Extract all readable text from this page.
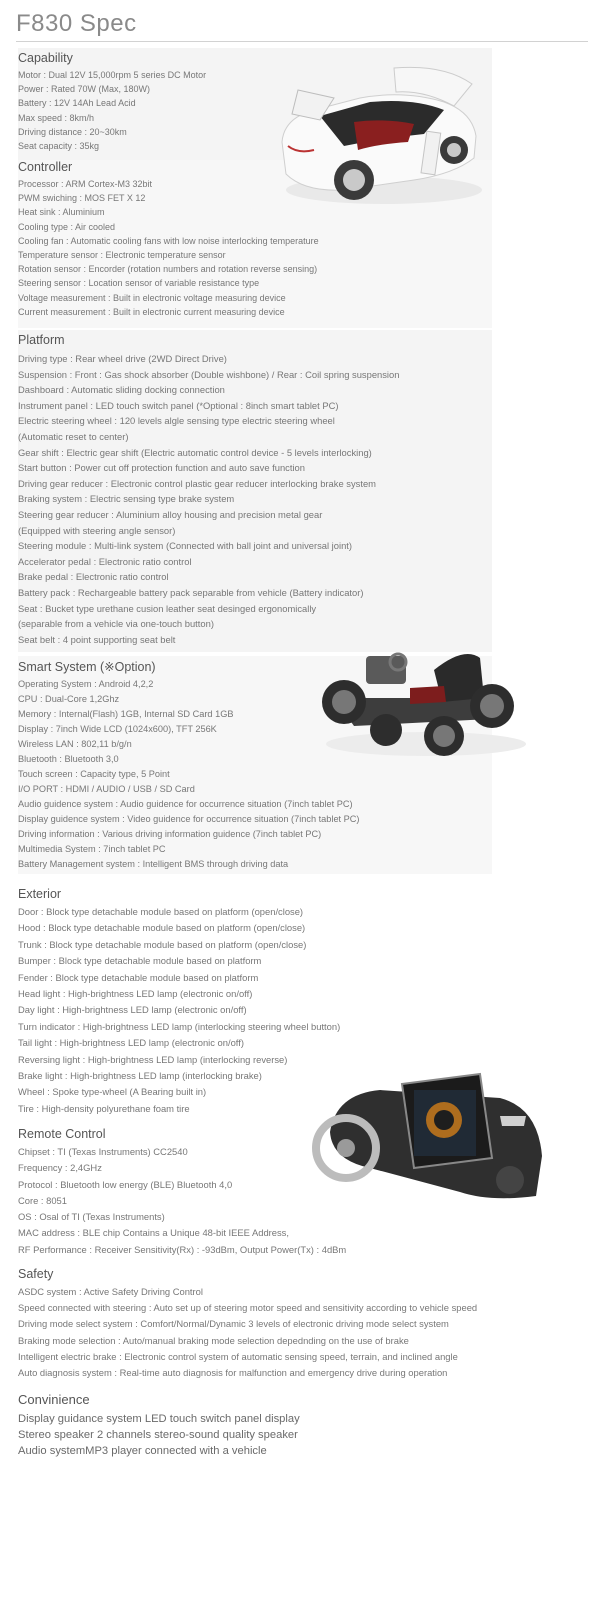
F830 Spec
Capability
Motor : Dual 12V 15,000rpm 5 series DC Motor
Power : Rated 70W (Max, 180W)
Battery : 12V 14Ah Lead Acid
Max speed : 8km/h
Driving distance : 20~30km
Seat capacity : 35kg
Controller
Processor : ARM Cortex-M3 32bit
PWM swiching : MOS FET X 12
Heat sink : Aluminium
Cooling type : Air cooled
Cooling fan : Automatic cooling fans with low noise interlocking temperature
Temperature sensor : Electronic temperature sensor
Rotation sensor : Encorder (rotation numbers and rotation reverse sensing)
Steering sensor : Location sensor of variable resistance type
Voltage measurement : Built in electronic voltage measuring device
Current measurement : Built in electronic current measuring device
Platform
Driving type : Rear wheel drive (2WD Direct Drive)
Suspension : Front : Gas shock absorber (Double wishbone) / Rear : Coil spring suspension
Dashboard : Automatic sliding docking connection
Instrument panel : LED touch switch panel (*Optional : 8inch smart tablet PC)
Electric steering wheel : 120 levels algle sensing type electric steering wheel
(Automatic reset to center)
Gear shift : Electric gear shift (Electric automatic control device - 5 levels interlocking)
Start button : Power cut off protection function and auto save function
Driving gear reducer : Electronic control plastic gear reducer interlocking brake system
Braking system : Electric sensing type brake system
Steering gear reducer : Aluminium alloy housing and precision metal gear
(Equipped with steering angle sensor)
Steering module : Multi-link system (Connected with ball joint and universal joint)
Accelerator pedal : Electronic ratio control
Brake pedal : Electronic ratio control
Battery pack : Rechargeable battery pack separable from vehicle (Battery indicator)
Seat : Bucket type urethane cusion leather seat desinged ergonomically
(separable from a vehicle via one-touch button)
Seat belt : 4 point supporting seat belt
Smart System (※Option)
Operating System : Android 4,2,2
CPU : Dual-Core 1,2Ghz
Memory : Internal(Flash) 1GB, Internal SD Card 1GB
Display : 7inch Wide LCD (1024x600), TFT 256K
Wireless LAN : 802,11 b/g/n
Bluetooth : Bluetooth 3,0
Touch screen : Capacity type, 5 Point
I/O PORT : HDMI / AUDIO / USB / SD Card
Audio guidence system : Audio guidence for occurrence situation (7inch tablet PC)
Display guidence system : Video guidence for occurrence situation (7inch tablet PC)
Driving information : Various driving information guidence (7inch tablet PC)
Multimedia System : 7inch tablet PC
Battery Management system : Intelligent BMS through driving data
Exterior
Door : Block type detachable module based on platform (open/close)
Hood : Block type detachable module based on platform (open/close)
Trunk : Block type detachable module based on platform (open/close)
Bumper : Block type detachable module based on platform
Fender : Block type detachable module based on platform
Head light : High-brightness LED lamp (electronic on/off)
Day light : High-brightness LED lamp (electronic on/off)
Turn indicator : High-brightness LED lamp (interlocking steering wheel button)
Tail light : High-brightness LED lamp (electronic on/off)
Reversing light : High-brightness LED lamp (interlocking reverse)
Brake light : High-brightness LED lamp (interlocking brake)
Wheel : Spoke type-wheel (A Bearing built in)
Tire : High-density polyurethane foam tire
Remote Control
Chipset : TI (Texas Instruments) CC2540
Frequency : 2,4GHz
Protocol : Bluetooth low energy (BLE) Bluetooth 4,0
Core : 8051
OS : Osal of TI (Texas Instruments)
MAC address : BLE chip Contains a Unique 48-bit IEEE Address,
RF Performance : Receiver Sensitivity(Rx) : -93dBm, Output Power(Tx) : 4dBm
Safety
ASDC system : Active Safety Driving Control
Speed connected with steering : Auto set up of steering motor speed and sensitivity according to vehicle speed
Driving mode select system : Comfort/Normal/Dynamic 3 levels of electronic driving mode select system
Braking mode selection : Auto/manual braking mode selection depednding on the use of brake
Intelligent electric brake : Electronic control system of automatic sensing speed, terrain, and inclined angle
Auto diagnosis system : Real-time auto diagnosis for malfunction and emergency drive during operation
Convinience
Display guidance system LED touch switch panel display
Stereo speaker 2 channels stereo-sound quality speaker
Audio systemMP3 player connected with a vehicle
